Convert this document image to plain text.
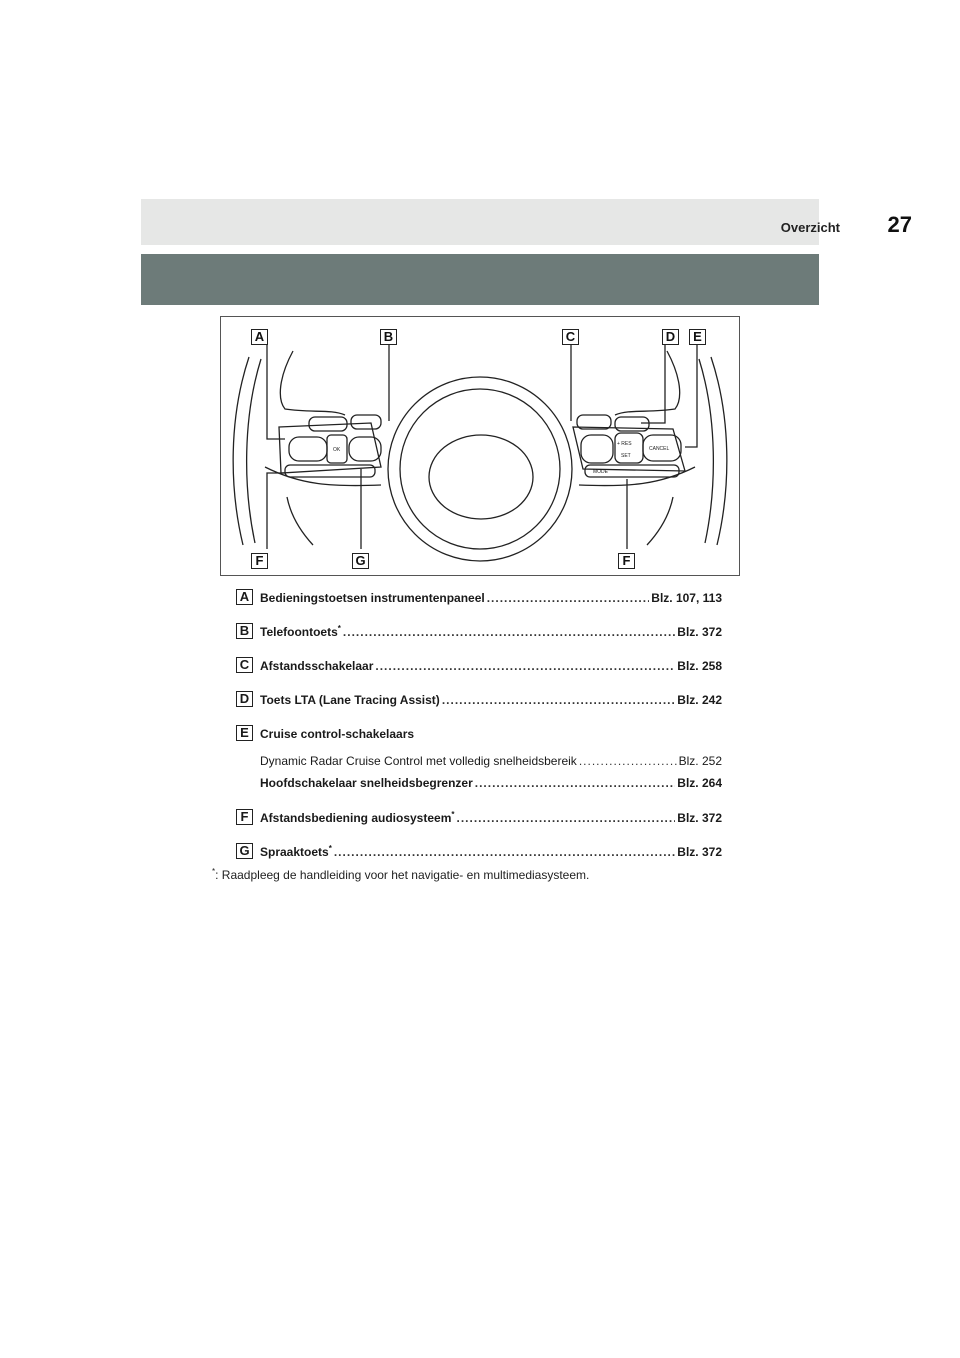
Overzicht 27
OK
+ RES
SET
CANCEL
MODE
A	B	C	D	E
F	G	F
A Bedieningstoetsen instrumentenpaneel .....	Blz. 107, 113
B Telefoontoets* .....	Blz. 372
C Afstandsschakelaar .....	Blz. 258
D Toets LTA (Lane Tracing Assist) .....	Blz. 242
E Cruise control-schakelaars
Dynamic Radar Cruise Control met volledig snelheidsbereik .....	Blz. 252
Hoofdschakelaar snelheidsbegrenzer .....	Blz. 264
F Afstandsbediening audiosysteem* .....	Blz. 372
G Spraaktoets* .....	Blz. 372
*: Raadpleeg de handleiding voor het navigatie- en multimediasysteem.
